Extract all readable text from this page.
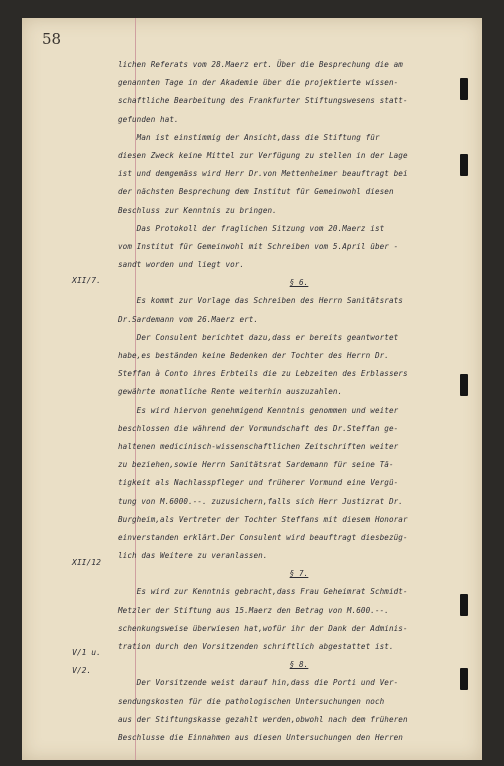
58
XII/7.
XII/12
V/1 u.
V/2.
lichen Referats vom 28.Maerz ert. Über die Besprechung die am
genannten Tage in der Akademie über die projektierte wissen-
schaftliche Bearbeitung des Frankfurter Stiftungswesens statt-
gefunden hat.
Man ist einstimmig der Ansicht,dass die Stiftung für
diesen Zweck keine Mittel zur Verfügung zu stellen in der Lage
ist und demgemäss wird Herr Dr.von Mettenheimer beauftragt bei
der nächsten Besprechung dem Institut für Gemeinwohl diesen
Beschluss zur Kenntnis zu bringen.
Das Protokoll der fraglichen Sitzung vom 20.Maerz ist
vom Institut für Gemeinwohl mit Schreiben vom 5.April über -
sandt worden und liegt vor.
§ 6.
Es kommt zur Vorlage das Schreiben des Herrn Sanitätsrats
Dr.Sardemann vom 26.Maerz ert.
Der Consulent berichtet dazu,dass er bereits geantwortet
habe,es beständen keine Bedenken der Tochter des Herrn Dr.
Steffan à Conto ihres Erbteils die zu Lebzeiten des Erblassers
gewährte monatliche Rente weiterhin auszuzahlen.
Es wird hiervon genehmigend Kenntnis genommen und weiter
beschlossen die während der Vormundschaft des Dr.Steffan ge-
haltenen medicinisch-wissenschaftlichen Zeitschriften weiter
zu beziehen,sowie Herrn Sanitätsrat Sardemann für seine Tä-
tigkeit als Nachlasspfleger und früherer Vormund eine Vergü-
tung von M.6000.--. zuzusichern,falls sich Herr Justizrat Dr.
Burgheim,als Vertreter der Tochter Steffans mit diesem Honorar
einverstanden erklärt.Der Consulent wird beauftragt diesbezüg-
lich das Weitere zu veranlassen.
§ 7.
Es wird zur Kenntnis gebracht,dass Frau Geheimrat Schmidt-
Metzler der Stiftung aus 15.Maerz den Betrag von M.600.--.
schenkungsweise überwiesen hat,wofür ihr der Dank der Adminis-
tration durch den Vorsitzenden schriftlich abgestattet ist.
§ 8.
Der Vorsitzende weist darauf hin,dass die Porti und Ver-
sendungskosten für die pathologischen Untersuchungen noch
aus der Stiftungskasse gezahlt werden,obwohl nach dem früheren
Beschlusse die Einnahmen aus diesen Untersuchungen den Herren
